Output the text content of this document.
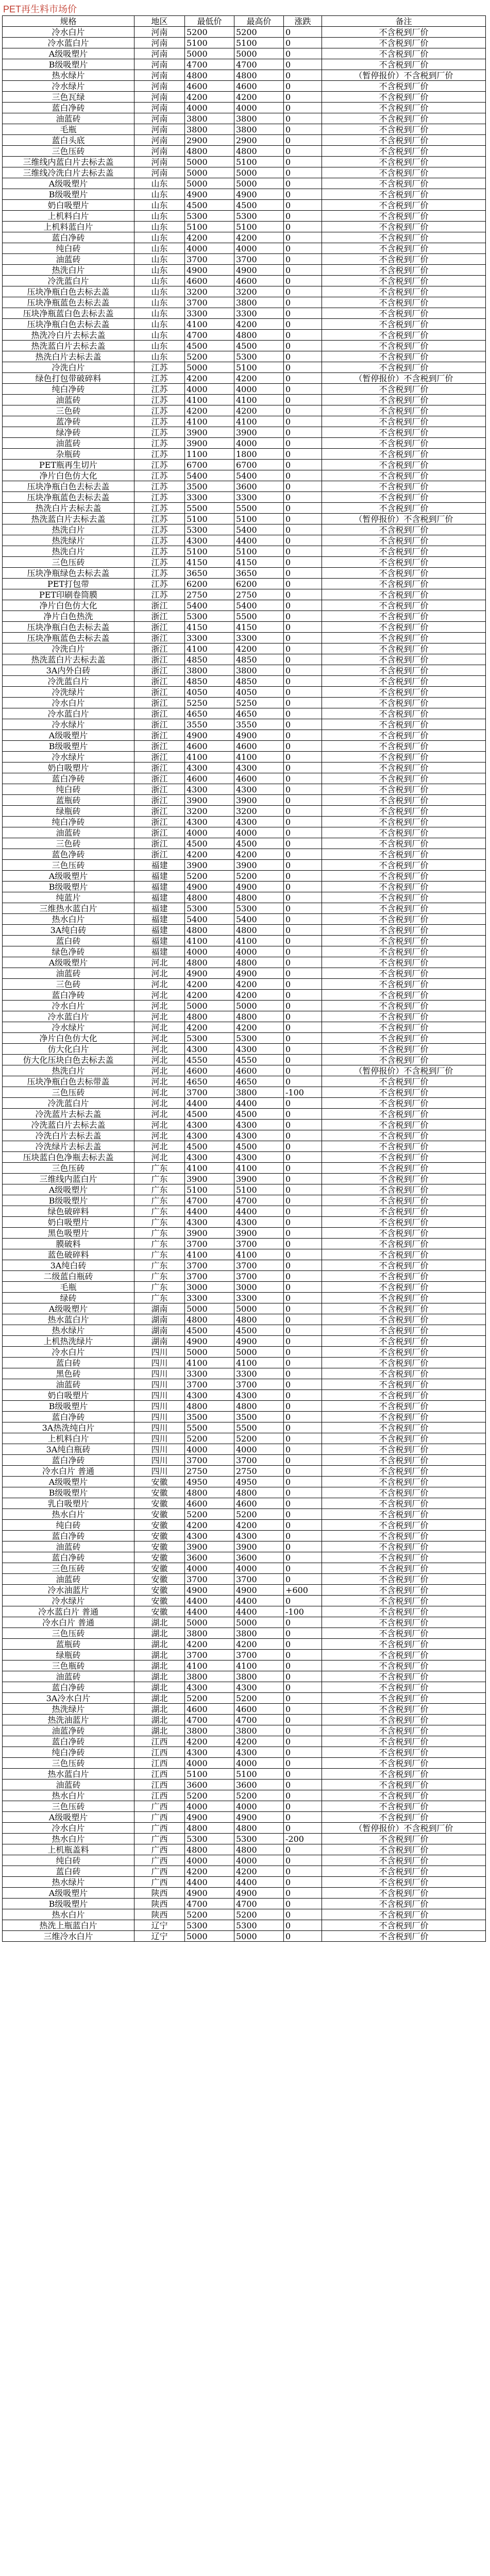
PET再生料市场价
规格	地区	最低价	最高价	涨跌	备注
冷水白片	河南	5200	5200	0	不含税到厂价
冷水蓝白片	河南	5100	5100	0	不含税到厂价
A级吸塑片	河南	5000	5000	0	不含税到厂价
B级吸塑片	河南	4700	4700	0	不含税到厂价
热水绿片	河南	4800	4800	0	（暂停报价）不含税到厂价
冷水绿片	河南	4600	4600	0	不含税到厂价
三色瓦绿	河南	4200	4200	0	不含税到厂价
蓝白净砖	河南	4000	4000	0	不含税到厂价
油蓝砖	河南	3800	3800	0	不含税到厂价
毛瓶	河南	3800	3800	0	不含税到厂价
蓝白头底	河南	2900	2900	0	不含税到厂价
三色压砖	河南	4800	4800	0	不含税到厂价
三维线内蓝白片去标去盖	河南	5000	5100	0	不含税到厂价
三维线冷洗白片去标去盖	河南	5000	5000	0	不含税到厂价
A级吸塑片	山东	5000	5000	0	不含税到厂价
B级吸塑片	山东	4900	4900	0	不含税到厂价
奶白吸塑片	山东	4500	4500	0	不含税到厂价
上机料白片	山东	5300	5300	0	不含税到厂价
上机料蓝白片	山东	5100	5100	0	不含税到厂价
蓝白净砖	山东	4200	4200	0	不含税到厂价
纯白砖	山东	4000	4000	0	不含税到厂价
油蓝砖	山东	3700	3700	0	不含税到厂价
热洗白片	山东	4900	4900	0	不含税到厂价
冷洗蓝白片	山东	4600	4600	0	不含税到厂价
压块净瓶白色去标去盖	山东	3200	3200	0	不含税到厂价
压块净瓶蓝色去标去盖	山东	3700	3800	0	不含税到厂价
压块净瓶蓝白色去标去盖	山东	3300	3300	0	不含税到厂价
压块净瓶白色去标去盖	山东	4100	4200	0	不含税到厂价
热洗冷白片去标去盖	山东	4700	4800	0	不含税到厂价
热洗蓝白片去标去盖	山东	4500	4500	0	不含税到厂价
热洗白片去标去盖	山东	5200	5300	0	不含税到厂价
冷洗白片	江苏	5000	5100	0	不含税到厂价
绿色打包带破碎料	江苏	4200	4200	0	（暂停报价）不含税到厂价
纯白净砖	江苏	4000	4000	0	不含税到厂价
油蓝砖	江苏	4100	4100	0	不含税到厂价
三色砖	江苏	4200	4200	0	不含税到厂价
蓝净砖	江苏	4100	4100	0	不含税到厂价
绿净砖	江苏	3900	3900	0	不含税到厂价
油蓝砖	江苏	3900	4000	0	不含税到厂价
杂瓶砖	江苏	1100	1800	0	不含税到厂价
PET瓶再生切片	江苏	6700	6700	0	不含税到厂价
净片白色仿大化	江苏	5400	5400	0	不含税到厂价
压块净瓶白色去标去盖	江苏	3500	3600	0	不含税到厂价
压块净瓶蓝色去标去盖	江苏	3300	3300	0	不含税到厂价
热洗白片去标去盖	江苏	5500	5500	0	不含税到厂价
热洗蓝白片去标去盖	江苏	5100	5100	0	（暂停报价）不含税到厂价
热洗白片	江苏	5300	5400	0	不含税到厂价
热洗绿片	江苏	4300	4400	0	不含税到厂价
热洗白片	江苏	5100	5100	0	不含税到厂价
三色压砖	江苏	4150	4150	0	不含税到厂价
压块净瓶绿色去标去盖	江苏	3650	3650	0	不含税到厂价
PET打包带	江苏	6200	6200	0	不含税到厂价
PET印刷卷筒膜	江苏	2750	2750	0	不含税到厂价
净片白色仿大化	浙江	5400	5400	0	不含税到厂价
净片白色热洗	浙江	5300	5500	0	不含税到厂价
压块净瓶白色去标去盖	浙江	4150	4150	0	不含税到厂价
压块净瓶蓝色去标去盖	浙江	3300	3300	0	不含税到厂价
冷洗白片	浙江	4100	4200	0	不含税到厂价
热洗蓝白片去标去盖	浙江	4850	4850	0	不含税到厂价
3A内外白砖	浙江	3800	3800	0	不含税到厂价
冷洗蓝白片	浙江	4850	4850	0	不含税到厂价
冷洗绿片	浙江	4050	4050	0	不含税到厂价
冷水白片	浙江	5250	5250	0	不含税到厂价
冷水蓝白片	浙江	4650	4650	0	不含税到厂价
冷水绿片	浙江	3550	3550	0	不含税到厂价
A级吸塑片	浙江	4900	4900	0	不含税到厂价
B级吸塑片	浙江	4600	4600	0	不含税到厂价
冷水绿片	浙江	4100	4100	0	不含税到厂价
奶白吸塑片	浙江	4300	4300	0	不含税到厂价
蓝白净砖	浙江	4600	4600	0	不含税到厂价
纯白砖	浙江	4300	4300	0	不含税到厂价
蓝瓶砖	浙江	3900	3900	0	不含税到厂价
绿瓶砖	浙江	3200	3200	0	不含税到厂价
纯白净砖	浙江	4300	4300	0	不含税到厂价
油蓝砖	浙江	4000	4000	0	不含税到厂价
三色砖	浙江	4500	4500	0	不含税到厂价
蓝色净砖	浙江	4200	4200	0	不含税到厂价
三色压砖	福建	3900	3900	0	不含税到厂价
A级吸塑片	福建	5200	5200	0	不含税到厂价
B级吸塑片	福建	4900	4900	0	不含税到厂价
纯蓝片	福建	4800	4800	0	不含税到厂价
三维热水蓝白片	福建	5300	5300	0	不含税到厂价
热水白片	福建	5400	5400	0	不含税到厂价
3A纯白砖	福建	4800	4800	0	不含税到厂价
蓝白砖	福建	4100	4100	0	不含税到厂价
绿色净砖	福建	4000	4000	0	不含税到厂价
A级吸塑片	河北	4800	4800	0	不含税到厂价
油蓝砖	河北	4900	4900	0	不含税到厂价
三色砖	河北	4200	4200	0	不含税到厂价
蓝白净砖	河北	4200	4200	0	不含税到厂价
冷水白片	河北	5000	5000	0	不含税到厂价
冷水蓝白片	河北	4800	4800	0	不含税到厂价
冷水绿片	河北	4200	4200	0	不含税到厂价
净片白色仿大化	河北	5300	5300	0	不含税到厂价
仿大化白片	河北	4300	4300	0	不含税到厂价
仿大化压块白色去标去盖	河北	4550	4550	0	不含税到厂价
热洗白片	河北	4600	4600	0	（暂停报价）不含税到厂价
压块净瓶白色去标带盖	河北	4650	4650	0	不含税到厂价
三色压砖	河北	3700	3800	-100	不含税到厂价
冷洗蓝白片	河北	4400	4400	0	不含税到厂价
冷洗蓝片去标去盖	河北	4500	4500	0	不含税到厂价
冷洗蓝白片去标去盖	河北	4300	4300	0	不含税到厂价
冷洗白片去标去盖	河北	4300	4300	0	不含税到厂价
冷洗绿片去标去盖	河北	4500	4500	0	不含税到厂价
压块蓝白色净瓶去标去盖	河北	4300	4300	0	不含税到厂价
三色压砖	广东	4100	4100	0	不含税到厂价
三维线内蓝白片	广东	3900	3900	0	不含税到厂价
A级吸塑片	广东	5100	5100	0	不含税到厂价
B级吸塑片	广东	4700	4700	0	不含税到厂价
绿色破碎料	广东	4400	4400	0	不含税到厂价
奶白吸塑片	广东	4300	4300	0	不含税到厂价
黑色吸塑片	广东	3900	3900	0	不含税到厂价
膜破料	广东	3700	3700	0	不含税到厂价
蓝色破碎料	广东	4100	4100	0	不含税到厂价
3A纯白砖	广东	3700	3700	0	不含税到厂价
二级蓝白瓶砖	广东	3700	3700	0	不含税到厂价
毛瓶	广东	3000	3000	0	不含税到厂价
绿砖	广东	3300	3300	0	不含税到厂价
A级吸塑片	湖南	5000	5000	0	不含税到厂价
热水蓝白片	湖南	4800	4800	0	不含税到厂价
热水绿片	湖南	4500	4500	0	不含税到厂价
上机热洗绿片	湖南	4900	4900	0	不含税到厂价
冷水白片	四川	5000	5000	0	不含税到厂价
蓝白砖	四川	4100	4100	0	不含税到厂价
黑色砖	四川	3300	3300	0	不含税到厂价
油蓝砖	四川	3700	3700	0	不含税到厂价
奶白吸塑片	四川	4300	4300	0	不含税到厂价
B级吸塑片	四川	4800	4800	0	不含税到厂价
蓝白净砖	四川	3500	3500	0	不含税到厂价
3A热洗纯白片	四川	5500	5500	0	不含税到厂价
上机料白片	四川	5200	5200	0	不含税到厂价
3A纯白瓶砖	四川	4000	4000	0	不含税到厂价
蓝白净砖	四川	3700	3700	0	不含税到厂价
冷水白片 普通	四川	2750	2750	0	不含税到厂价
A级吸塑片	安徽	4950	4950	0	不含税到厂价
B级吸塑片	安徽	4800	4800	0	不含税到厂价
乳白吸塑片	安徽	4600	4600	0	不含税到厂价
热水白片	安徽	5200	5200	0	不含税到厂价
纯白砖	安徽	4200	4200	0	不含税到厂价
蓝白净砖	安徽	4300	4300	0	不含税到厂价
油蓝砖	安徽	3900	3900	0	不含税到厂价
蓝白净砖	安徽	3600	3600	0	不含税到厂价
三色压砖	安徽	4000	4000	0	不含税到厂价
油蓝砖	安徽	3700	3700	0	不含税到厂价
冷水油蓝片	安徽	4900	4900	+600	不含税到厂价
冷水绿片	安徽	4400	4400	0	不含税到厂价
冷水蓝白片 普通	安徽	4400	4400	-100	不含税到厂价
冷水白片 普通	湖北	5000	5000	0	不含税到厂价
三色压砖	湖北	3800	3800	0	不含税到厂价
蓝瓶砖	湖北	4200	4200	0	不含税到厂价
绿瓶砖	湖北	3700	3700	0	不含税到厂价
三色瓶砖	湖北	4100	4100	0	不含税到厂价
油蓝砖	湖北	3800	3800	0	不含税到厂价
蓝白净砖	湖北	4300	4300	0	不含税到厂价
3A冷水白片	湖北	5200	5200	0	不含税到厂价
热洗绿片	湖北	4600	4600	0	不含税到厂价
热洗油蓝片	湖北	4700	4700	0	不含税到厂价
油蓝净砖	湖北	3800	3800	0	不含税到厂价
蓝白净砖	江西	4200	4200	0	不含税到厂价
纯白净砖	江西	4300	4300	0	不含税到厂价
三色压砖	江西	4000	4000	0	不含税到厂价
热水蓝白片	江西	5100	5100	0	不含税到厂价
油蓝砖	江西	3600	3600	0	不含税到厂价
热水白片	江西	5200	5200	0	不含税到厂价
三色压砖	广西	4000	4000	0	不含税到厂价
A级吸塑片	广西	4900	4900	0	不含税到厂价
冷水白片	广西	4800	4800	0	（暂停报价）不含税到厂价
热水白片	广西	5300	5300	-200	不含税到厂价
上机瓶盖料	广西	4800	4800	0	不含税到厂价
纯白砖	广西	4000	4000	0	不含税到厂价
蓝白砖	广西	4200	4200	0	不含税到厂价
热水绿片	广西	4400	4400	0	不含税到厂价
A级吸塑片	陕西	4900	4900	0	不含税到厂价
B级吸塑片	陕西	4700	4700	0	不含税到厂价
热水白片	陕西	5200	5200	0	不含税到厂价
热洗上瓶蓝白片	辽宁	5300	5300	0	不含税到厂价
三维冷水白片	辽宁	5000	5000	0	不含税到厂价
